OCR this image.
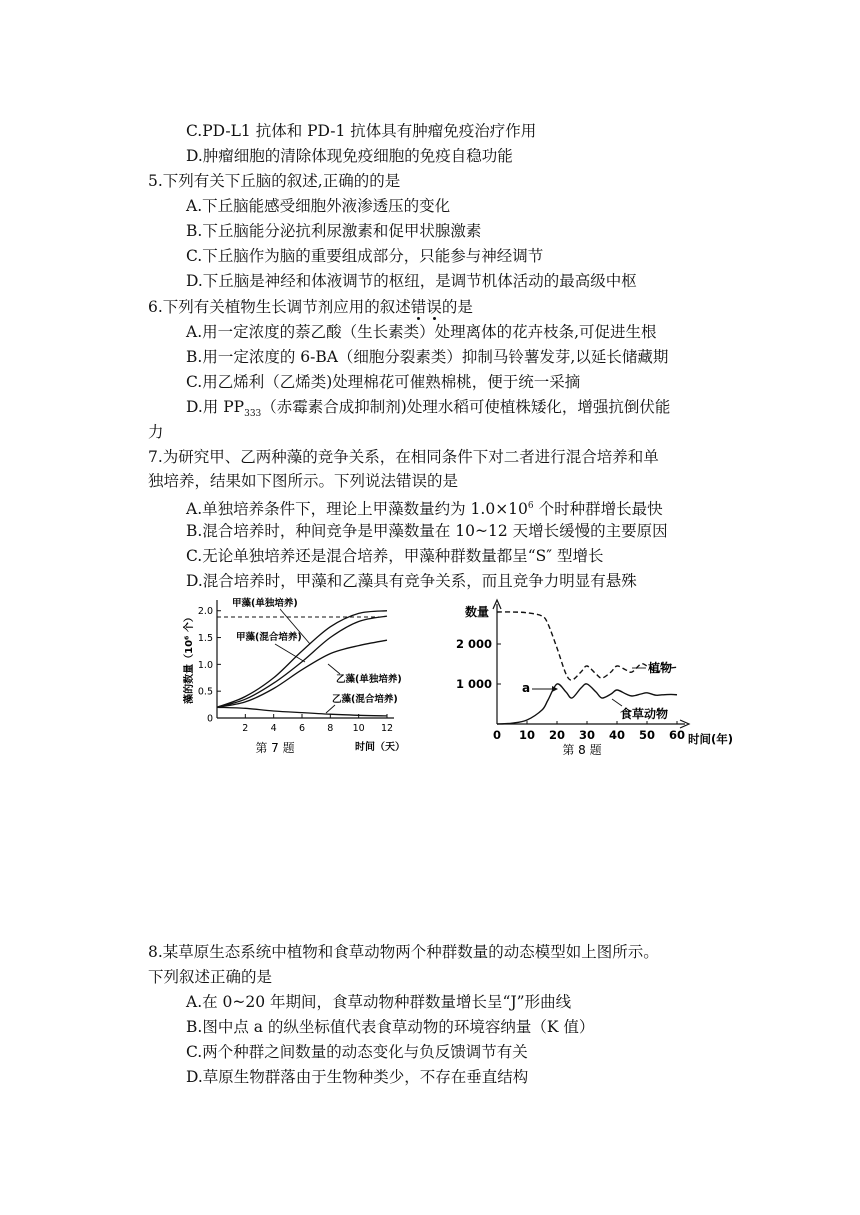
C.PD-L1 抗体和 PD-1 抗体具有肿瘤免疫治疗作用
D.肿瘤细胞的清除体现免疫细胞的免疫自稳功能
5.下列有关下丘脑的叙述,正确的的是
A.下丘脑能感受细胞外液渗透压的变化
B.下丘脑能分泌抗利尿激素和促甲状腺激素
C.下丘脑作为脑的重要组成部分，只能参与神经调节
D.下丘脑是神经和体液调节的枢纽，是调节机体活动的最高级中枢
6.下列有关植物生长调节剂应用的叙述错误的是
A.用一定浓度的萘乙酸（生长素类）处理离体的花卉枝条,可促进生根
B.用一定浓度的 6-BA（细胞分裂素类）抑制马铃薯发芽,以延长储藏期
C.用乙烯利（乙烯类)处理棉花可催熟棉桃，便于统一采摘
D.用 $PP_{333}$（赤霉素合成抑制剂)处理水稻可使植株矮化，增强抗倒伏能
力
7.为研究甲、乙两种藻的竞争关系，在相同条件下对二者进行混合培养和单
独培养，结果如下图所示。下列说法错误的是
A.单独培养条件下，理论上甲藻数量约为 $1.0\times 10^6$ 个时种群增长最快
B.混合培养时，种间竞争是甲藻数量在 10~12 天增长缓慢的主要原因
C.无论单独培养还是混合培养，甲藻种群数量都呈“S″ 型增长
D.混合培养时，甲藻和乙藻具有竞争关系，而且竞争力明显有悬殊
0
0.5
1.0
1.5
2.0
2 4 6 8 10 12
藻的数量（10⁶ 个）
时间（天）
甲藻(单独培养)
甲藻(混合培养)
乙藻(单独培养)
乙藻(混合培养)
第 7 题
1 000
2 000
0 10 20 30 40 50 60
数量
时间(年)
植物
食草动物
a
第 8 题
8.某草原生态系统中植物和食草动物两个种群数量的动态模型如上图所示。
下列叙述正确的是
A.在 0~20 年期间，食草动物种群数量增长呈“J”形曲线
B.图中点 a 的纵坐标值代表食草动物的环境容纳量（K 值）
C.两个种群之间数量的动态变化与负反馈调节有关
D.草原生物群落由于生物种类少，不存在垂直结构
